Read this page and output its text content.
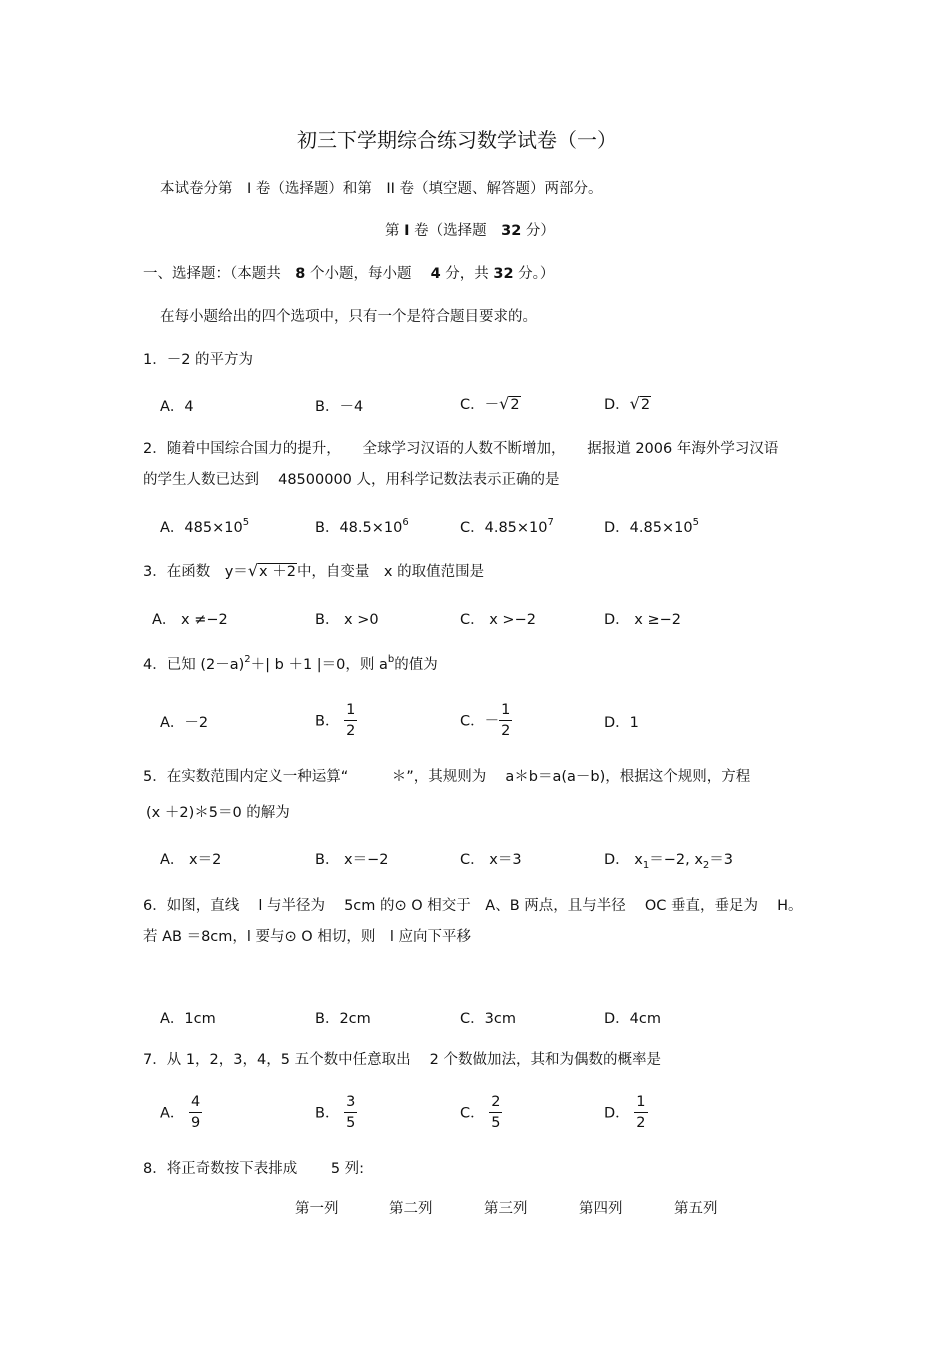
初三下学期综合练习数学试卷（一）
本试卷分第　I 卷（选择题）和第　II 卷（填空题、解答题）两部分。
第 I 卷（选择题　 32 分）
一、选择题：（本题共　 8 个小题，每小题　 4 分，共 32 分。）
在每小题给出的四个选项中，只有一个是符合题目要求的。
1．－2 的平方为
A．4	B．－4	C．－√2	D．√2
2．随着中国综合国力的提升，　　全球学习汉语的人数不断增加，　　据报道 2006 年海外学习汉语
的学生人数已达到　 48500000 人，用科学记数法表示正确的是
A．$485\times 10^5$	B．$48.5\times 10^6$	C．$4.85\times 10^7$	D．$4.85\times 10^5$
3．在函数　y＝√x ＋2中，自变量　x 的取值范围是
A． x ≠−2	B． x >0	C． x >−2	D． x ≥−2
4．已知 $(2-a)^2+|$ b ＋1 |＝0，则 $a^b$的值为
A．－2	B． $\frac{1}{2}$	C．－ $\frac{1}{2}$	D．1
5．在实数范围内定义一种运算“　　　＊”，其规则为　 a＊b＝a(a－b)，根据这个规则，方程
(x ＋2)＊5＝0 的解为
A． x＝2	B． x＝−2	C． x＝3	D． $x_1=-2$, $x_2=3$
6．如图，直线　 l 与半径为　 5cm 的⊙ O 相交于　A、B 两点，且与半径　 OC 垂直，垂足为　 H。
若 AB ＝8cm，l 要与⊙ O 相切，则　l 应向下平移
A．1cm	B．2cm	C．3cm	D．4cm
7．从 1，2，3，4，5 五个数中任意取出　 2 个数做加法，其和为偶数的概率是
A． $\frac{4}{9}$	B． $\frac{3}{5}$	C． $\frac{2}{5}$	D． $\frac{1}{2}$
8．将正奇数按下表排成　　 5 列:
第一列	第二列	第三列	第四列	第五列
